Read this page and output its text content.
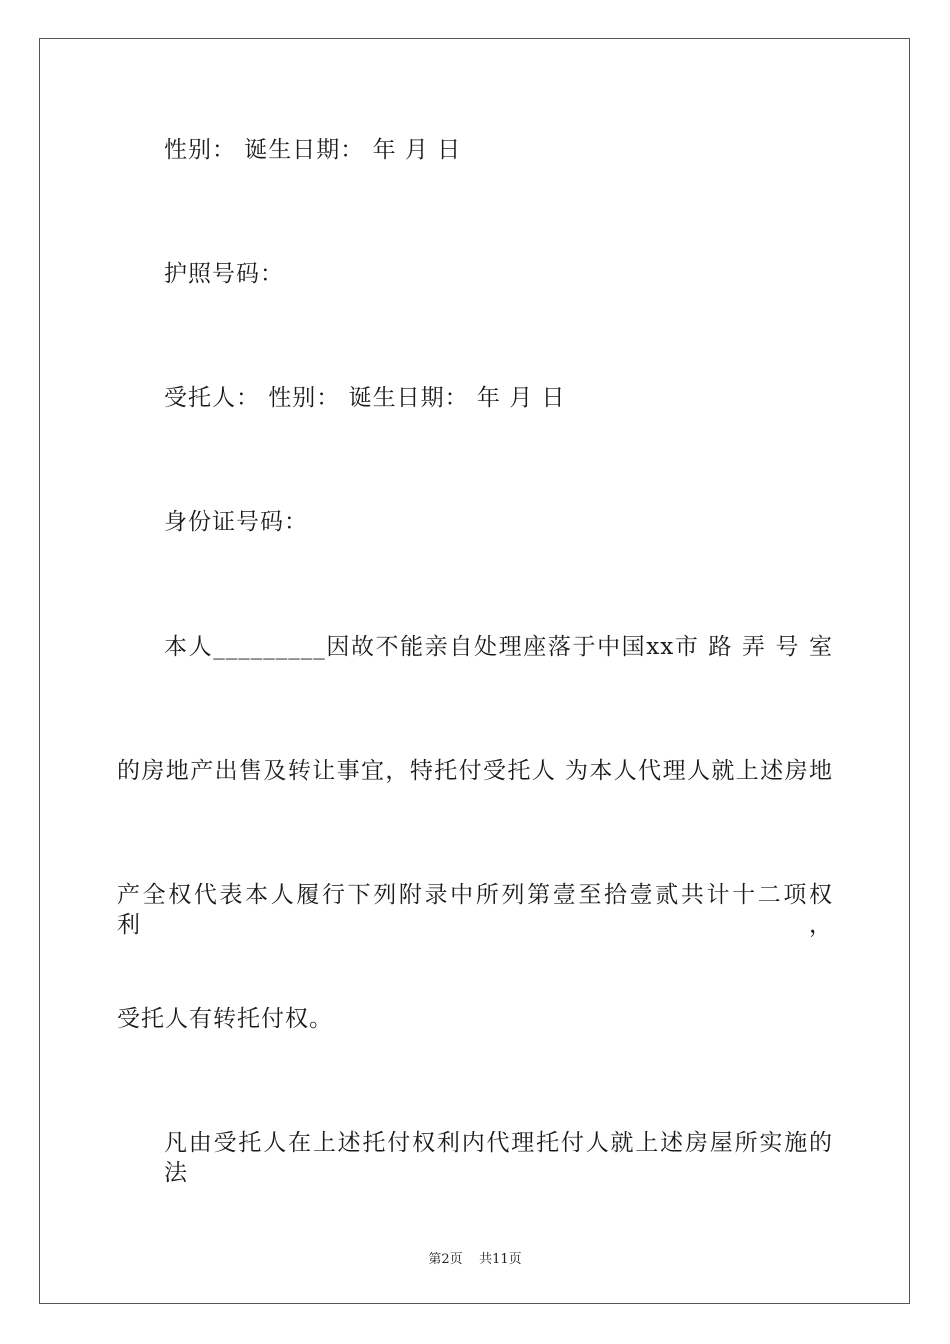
性别： 诞生日期： 年 月 日
护照号码：
受托人： 性别： 诞生日期： 年 月 日
身份证号码：
本人_________因故不能亲自处理座落于中国xx市 路 弄 号 室
的房地产出售及转让事宜，特托付受托人 为本人代理人就上述房地
产全权代表本人履行下列附录中所列第壹至拾壹贰共计十二项权利，
受托人有转托付权。
凡由受托人在上述托付权利内代理托付人就上述房屋所实施的法
第2页 共11页
